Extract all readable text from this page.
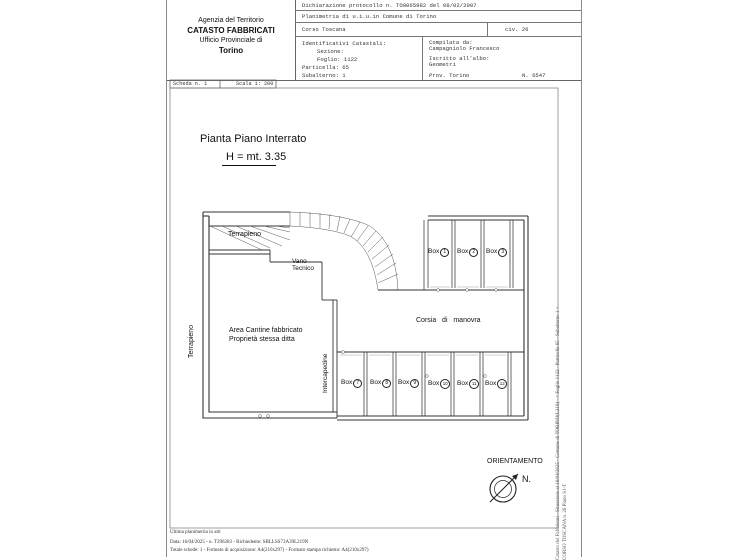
Agenzia del Territorio
CATASTO FABBRICATI
Ufficio Provinciale di
Torino
Dichiarazione protocollo n. TO0065982 del 08/02/2007
Planimetria di u.i.u.in Comune di Torino
Corso Toscana	civ. 26
Identificativi Catastali:
Sezione:
Foglio: 1122
Particella: 65
Subalterno: 1
Compilata da:
Campagniolo Francesco
Iscritto all'albo:
Geometri
Prov. Torino	N. 6547
Pianta Piano Interrato
H = mt. 3.35
Terrapieno
Vano
Tecnico
Area Cantine fabbricato
Proprietà stessa ditta
Corsia   di   manovra
Terrapieno
Intercapedine
Box 1	Box 2	Box 3
Box 7	Box 8	Box 9	Box 10	Box 11	Box 12
ORIENTAMENTO
N.
Scheda n. 1	Scala 1: 200
Catasto dei Fabbricati - Situazione al 16/04/2025 - Comune di TORINO(L219) - < Foglio 1122 - Particella 65 - Subalterno 1 > CORSO TOSCANA n. 26 Piano S1-T
Ultima planimetria in atti
Data: 16/04/2025 - n. T296283 - Richiedente: SBLLSS73A39L219N
Totale schede: 1 - Formato di acquisizione: A4(210x297) - Formato stampa richiesto: A4(210x297)
